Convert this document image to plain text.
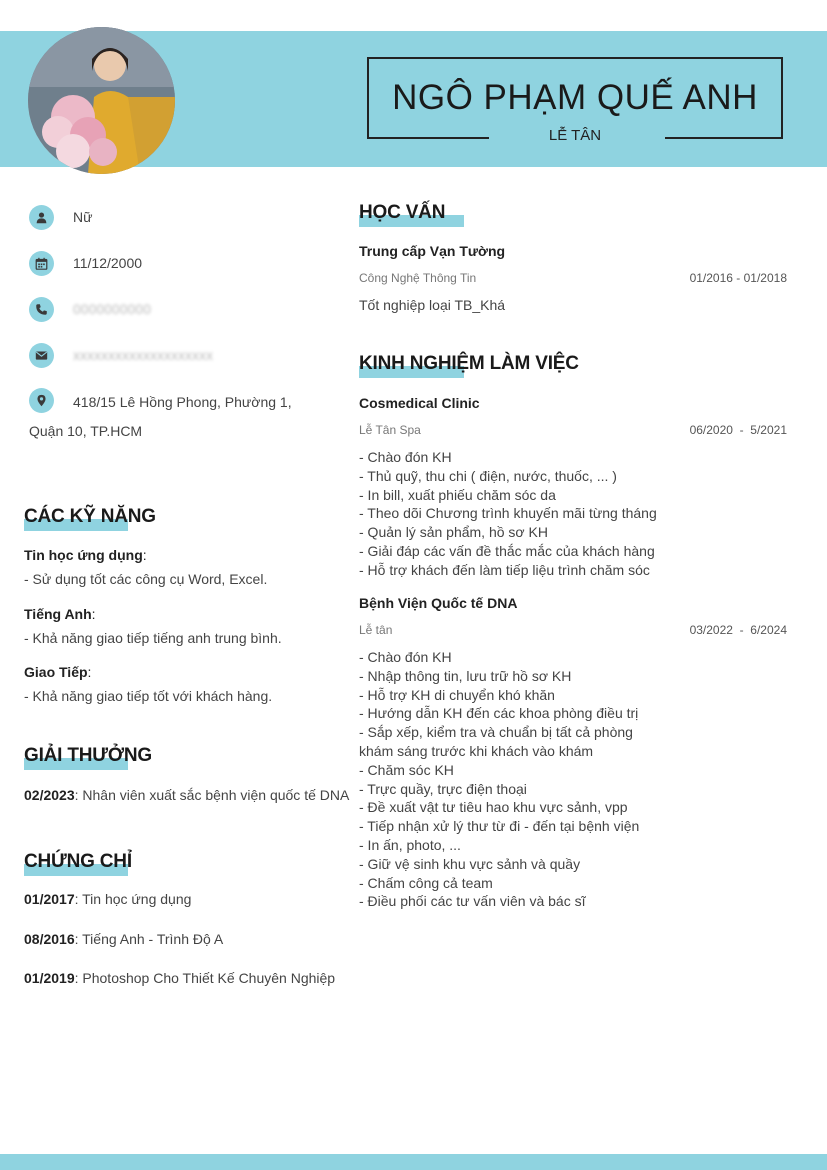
NGÔ PHẠM QUẾ ANH
LỄ TÂN
Nữ
11/12/2000
0000000000
xxxxxxxxxxxxxxxxxxxx
418/15 Lê Hồng Phong, Phường 1, Quận 10, TP.HCM
CÁC KỸ NĂNG
Tin học ứng dụng:
- Sử dụng tốt các công cụ Word, Excel.
Tiếng Anh:
- Khả năng giao tiếp tiếng anh trung bình.
Giao Tiếp:
- Khả năng giao tiếp tốt với khách hàng.
GIẢI THƯỞNG
02/2023: Nhân viên xuất sắc bệnh viện quốc tế DNA
CHỨNG CHỈ
01/2017: Tin học ứng dụng
08/2016: Tiếng Anh - Trình Độ A
01/2019: Photoshop Cho Thiết Kế Chuyên Nghiệp
HỌC VẤN
Trung cấp Vạn Tường
Công Nghệ Thông Tin	01/2016 - 01/2018
Tốt nghiệp loại TB_Khá
KINH NGHIỆM LÀM VIỆC
Cosmedical Clinic
Lễ Tân Spa	06/2020  -  5/2021
- Chào đón KH
- Thủ quỹ, thu chi ( điện, nước, thuốc, ... )
- In bill, xuất phiếu chăm sóc da
- Theo dõi Chương trình khuyến mãi từng tháng
- Quản lý sản phẩm, hồ sơ KH
- Giải đáp các vấn đề thắc mắc của khách hàng
- Hỗ trợ khách đến làm tiếp liệu trình chăm sóc
Bệnh Viện Quốc tế DNA
Lễ tân	03/2022  -  6/2024
- Chào đón KH
- Nhập thông tin, lưu trữ hồ sơ KH
- Hỗ trợ KH di chuyển khó khăn
- Hướng dẫn KH đến các khoa phòng điều trị
- Sắp xếp, kiểm tra và chuẩn bị tất cả phòng khám sáng trước khi khách vào khám
- Chăm sóc KH
- Trực quầy, trực điện thoại
- Đề xuất vật tư tiêu hao khu vực sảnh, vpp
- Tiếp nhận xử lý thư từ đi - đến tại bệnh viện
- In ấn, photo, ...
- Giữ vệ sinh khu vực sảnh và quầy
- Chấm công cả team
- Điều phối các tư vấn viên và bác sĩ
